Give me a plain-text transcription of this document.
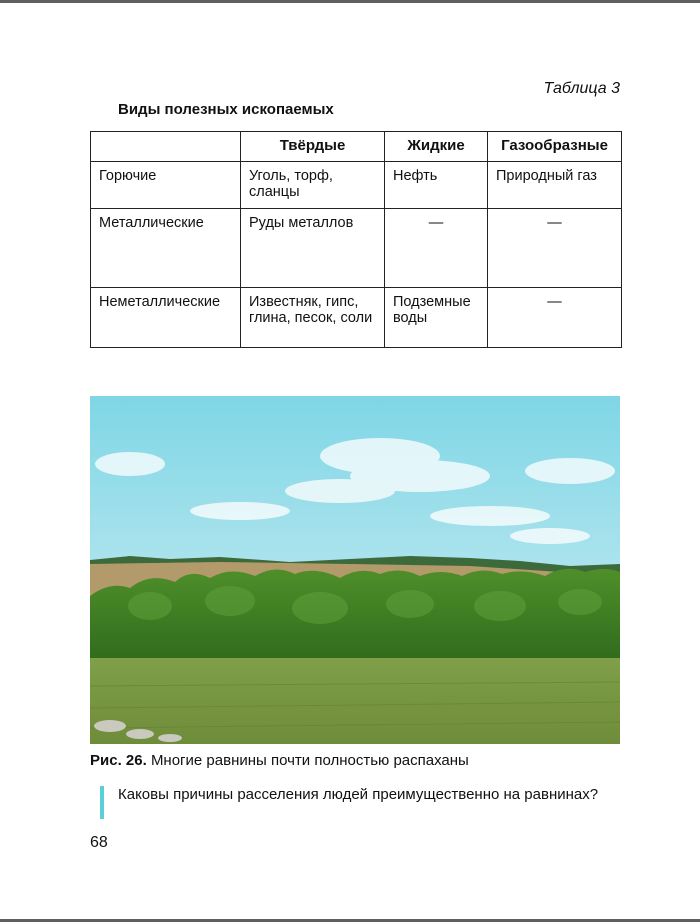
Таблица 3
Виды полезных ископаемых
	Твёрдые	Жидкие	Газообразные
Горючие	Уголь, торф, сланцы	Нефть	Природный газ
Металлические	Руды металлов	—	—
Неметаллические	Известняк, гипс, глина, песок, соли	Подземные воды	—
Рис. 26. Многие равнины почти полностью распаханы
Каковы причины расселения людей преимущественно на равнинах?
68
